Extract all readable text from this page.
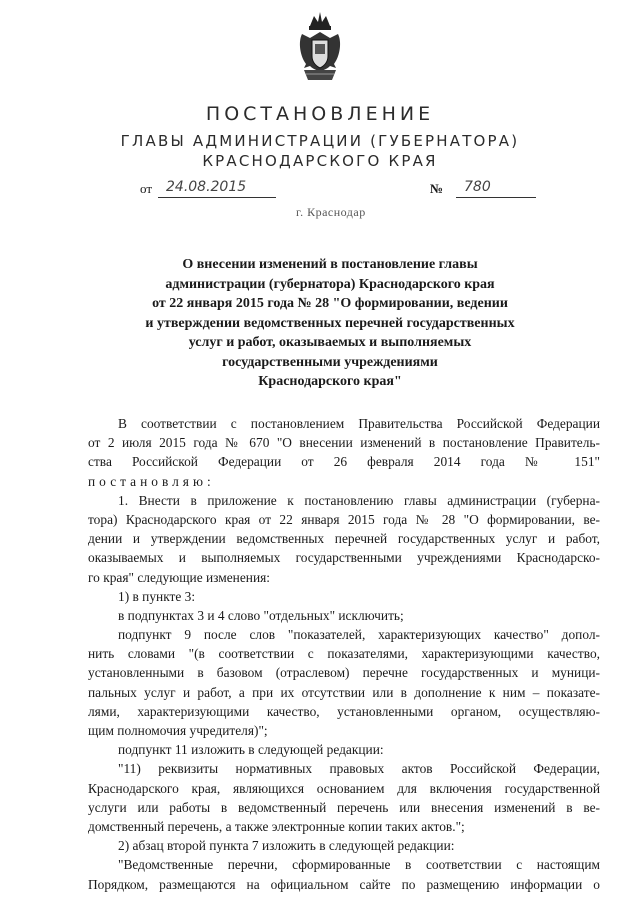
ПОСТАНОВЛЕНИЕ
ГЛАВЫ АДМИНИСТРАЦИИ (ГУБЕРНАТОРА)
КРАСНОДАРСКОГО КРАЯ
от 24.08.2015	№	780
г. Краснодар
О внесении изменений в постановление главы
администрации (губернатора) Краснодарского края
от 22 января 2015 года № 28 "О формировании, ведении
и утверждении ведомственных перечней государственных
услуг и работ, оказываемых и выполняемых
государственными учреждениями
Краснодарского края"
В соответствии с постановлением Правительства Российской Федерации
от 2 июля 2015 года № 670 "О внесении изменений в постановление Правитель-
ства Российской Федерации от 26 февраля 2014 года № 151"
постановляю:
1. Внести в приложение к постановлению главы администрации (губерна-
тора) Краснодарского края от 22 января 2015 года № 28 "О формировании, ве-
дении и утверждении ведомственных перечней государственных услуг и работ,
оказываемых и выполняемых государственными учреждениями Краснодарско-
го края" следующие изменения:
1) в пункте 3:
в подпунктах 3 и 4 слово "отдельных" исключить;
подпункт 9 после слов "показателей, характеризующих качество" допол-
нить словами "(в соответствии с показателями, характеризующими качество,
установленными в базовом (отраслевом) перечне государственных и муници-
пальных услуг и работ, а при их отсутствии или в дополнение к ним – показате-
лями, характеризующими качество, установленными органом, осуществляю-
щим полномочия учредителя)";
подпункт 11 изложить в следующей редакции:
"11) реквизиты нормативных правовых актов Российской Федерации,
Краснодарского края, являющихся основанием для включения государственной
услуги или работы в ведомственный перечень или внесения изменений в ве-
домственный перечень, а также электронные копии таких актов.";
2) абзац второй пункта 7 изложить в следующей редакции:
"Ведомственные перечни, сформированные в соответствии с настоящим
Порядком, размещаются на официальном сайте по размещению информации о
